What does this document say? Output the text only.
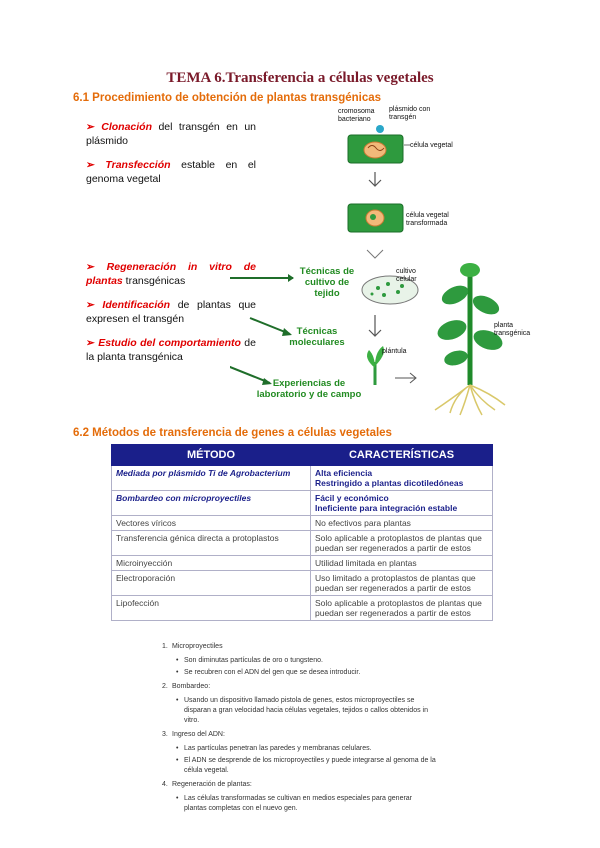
TEMA 6.Transferencia a células vegetales
6.1 Procedimiento de obtención de plantas transgénicas
➢ Clonación del transgén en un plásmido
➢ Transfección estable en el genoma vegetal
➢ Regeneración in vitro de plantas transgénicas
➢ Identificación de plantas que expresen el transgén
➢ Estudio del comportamiento de la planta transgénica
cromosoma bacteriano
plásmido con transgén
célula vegetal
célula vegetal transformada
cultivo celular
plántula
planta transgénica
Técnicas de cultivo de tejido
Técnicas moleculares
Experiencias de laboratorio y de campo
6.2 Métodos de transferencia de genes a células vegetales
MÉTODO	CARACTERÍSTICAS
Mediada por plásmido Ti de Agrobacterium	Alta eficiencia
Restringido a plantas dicotiledóneas
Bombardeo con microproyectiles	Fácil y económico
Ineficiente para integración estable
Vectores víricos	No efectivos para plantas
Transferencia génica directa a protoplastos	Solo aplicable a protoplastos de plantas que puedan ser regenerados a partir de estos
Microinyección	Utilidad limitada en plantas
Electroporación	Uso limitado a protoplastos de plantas que puedan ser regenerados a partir de estos
Lipofección	Solo aplicable a protoplastos de plantas que puedan ser regenerados a partir de estos
1. Microproyectiles
• Son diminutas partículas de oro o tungsteno.
• Se recubren con el ADN del gen que se desea introducir.
2. Bombardeo:
• Usando un dispositivo llamado pistola de genes, estos microproyectiles se disparan a gran velocidad hacia células vegetales, tejidos o callos obtenidos in vitro.
3. Ingreso del ADN:
• Las partículas penetran las paredes y membranas celulares.
• El ADN se desprende de los microproyectiles y puede integrarse al genoma de la célula vegetal.
4. Regeneración de plantas:
• Las células transformadas se cultivan en medios especiales para generar plantas completas con el nuevo gen.
